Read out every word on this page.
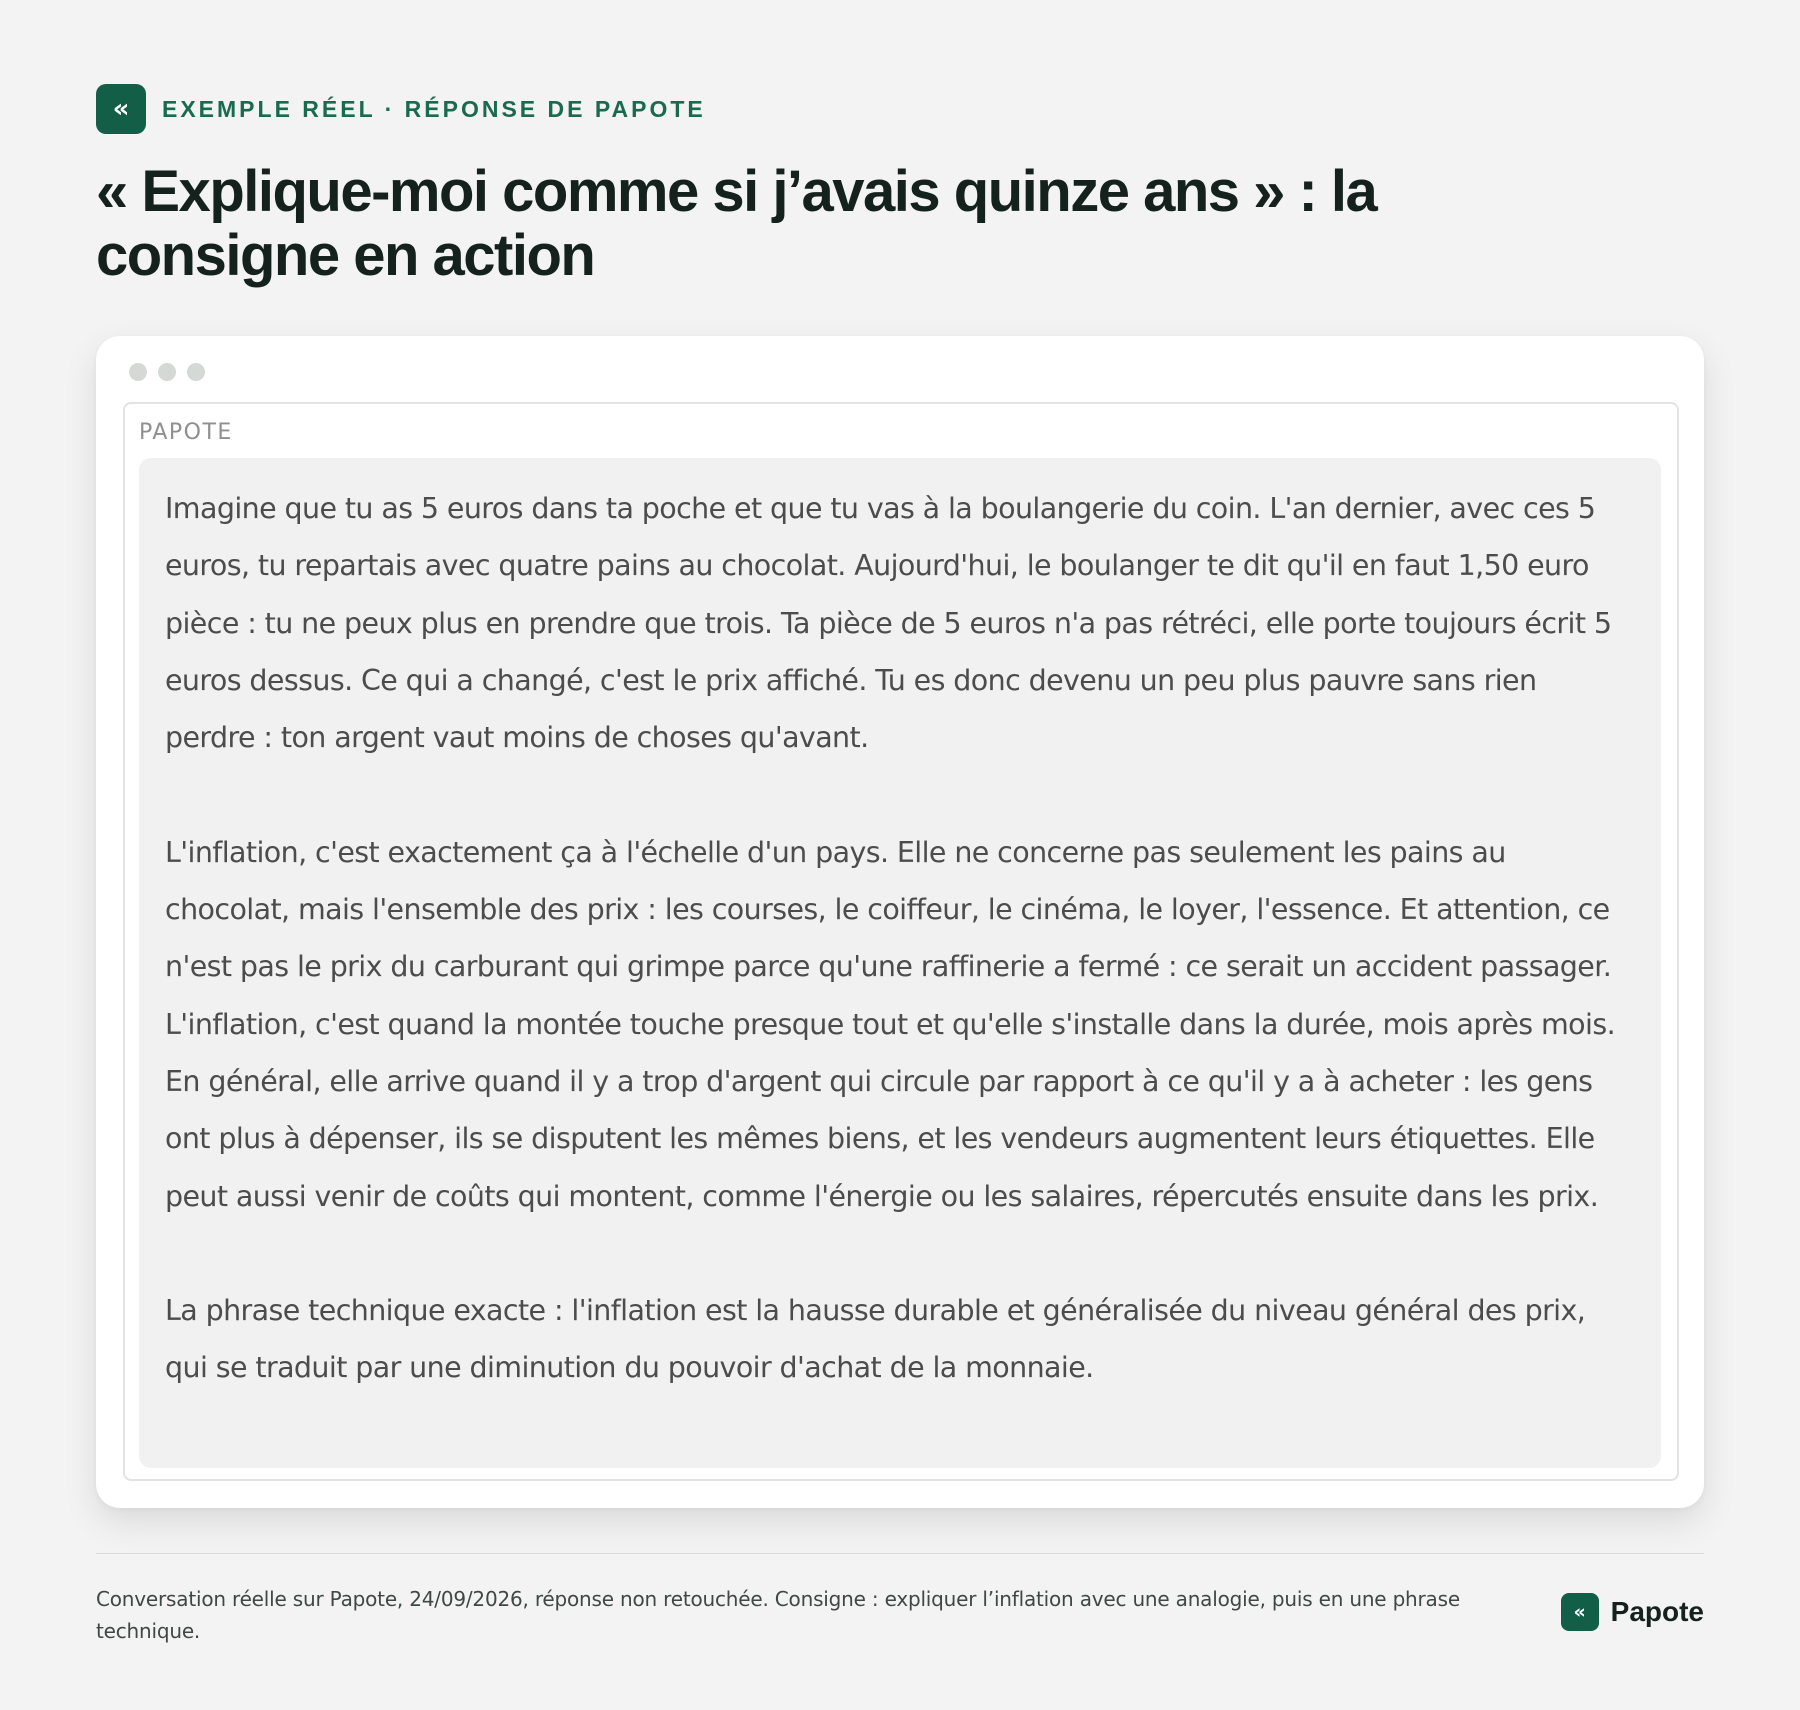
«	EXEMPLE RÉEL · RÉPONSE DE PAPOTE
« Explique-moi comme si j’avais quinze ans » : la consigne en action
PAPOTE

Imagine que tu as 5 euros dans ta poche et que tu vas à la boulangerie du coin. L'an dernier, avec ces 5 euros, tu repartais avec quatre pains au chocolat. Aujourd'hui, le boulanger te dit qu'il en faut 1,50 euro pièce : tu ne peux plus en prendre que trois. Ta pièce de 5 euros n'a pas rétréci, elle porte toujours écrit 5 euros dessus. Ce qui a changé, c'est le prix affiché. Tu es donc devenu un peu plus pauvre sans rien perdre : ton argent vaut moins de choses qu'avant.

L'inflation, c'est exactement ça à l'échelle d'un pays. Elle ne concerne pas seulement les pains au chocolat, mais l'ensemble des prix : les courses, le coiffeur, le cinéma, le loyer, l'essence. Et attention, ce n'est pas le prix du carburant qui grimpe parce qu'une raffinerie a fermé : ce serait un accident passager. L'inflation, c'est quand la montée touche presque tout et qu'elle s'installe dans la durée, mois après mois. En général, elle arrive quand il y a trop d'argent qui circule par rapport à ce qu'il y a à acheter : les gens ont plus à dépenser, ils se disputent les mêmes biens, et les vendeurs augmentent leurs étiquettes. Elle peut aussi venir de coûts qui montent, comme l'énergie ou les salaires, répercutés ensuite dans les prix.

La phrase technique exacte : l'inflation est la hausse durable et généralisée du niveau général des prix, qui se traduit par une diminution du pouvoir d'achat de la monnaie.

Conversation réelle sur Papote, 24/09/2026, réponse non retouchée. Consigne : expliquer l’inflation avec une analogie, puis en une phrase technique.
« Papote
